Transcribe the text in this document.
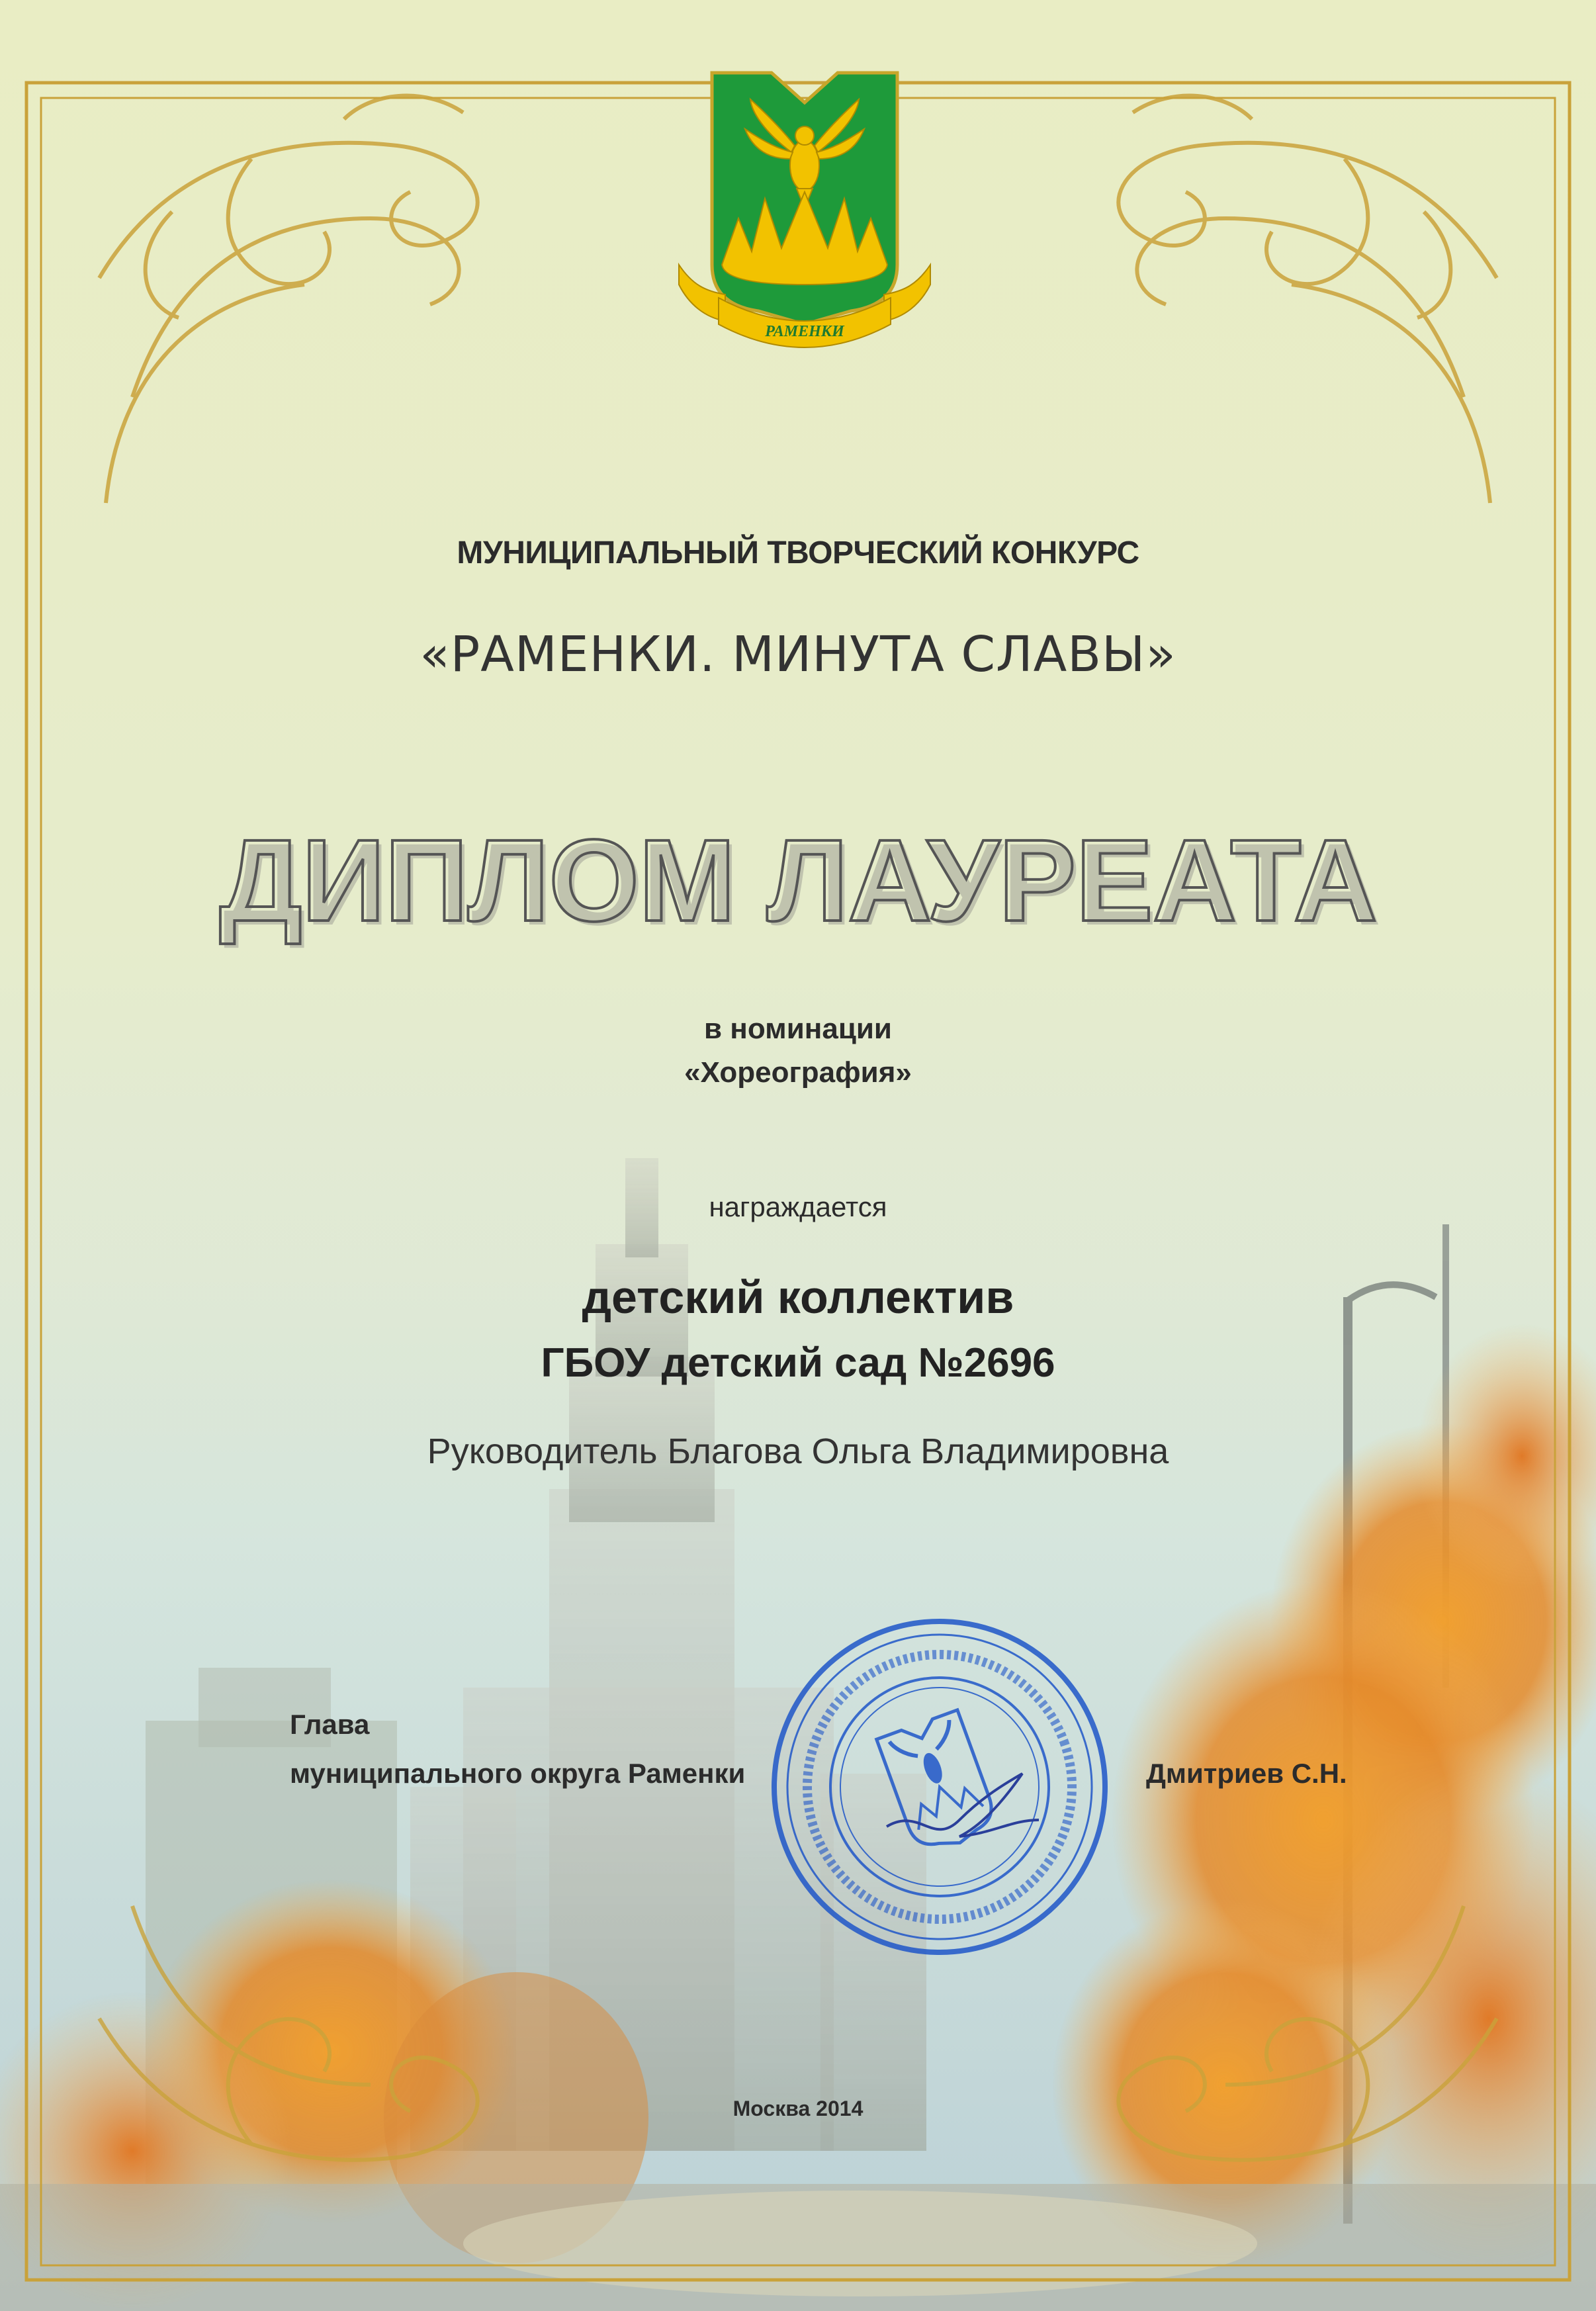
РАМЕНКИ
МУНИЦИПАЛЬНЫЙ ТВОРЧЕСКИЙ КОНКУРС
«РАМЕНКИ. МИНУТА СЛАВЫ»
ДИПЛОМ ЛАУРЕАТА
в номинации
«Хореография»
награждается
детский коллектив
ГБОУ детский сад №2696
Руководитель Благова Ольга Владимировна
Глава
муниципального округа Раменки	Дмитриев С.Н.
Москва 2014
